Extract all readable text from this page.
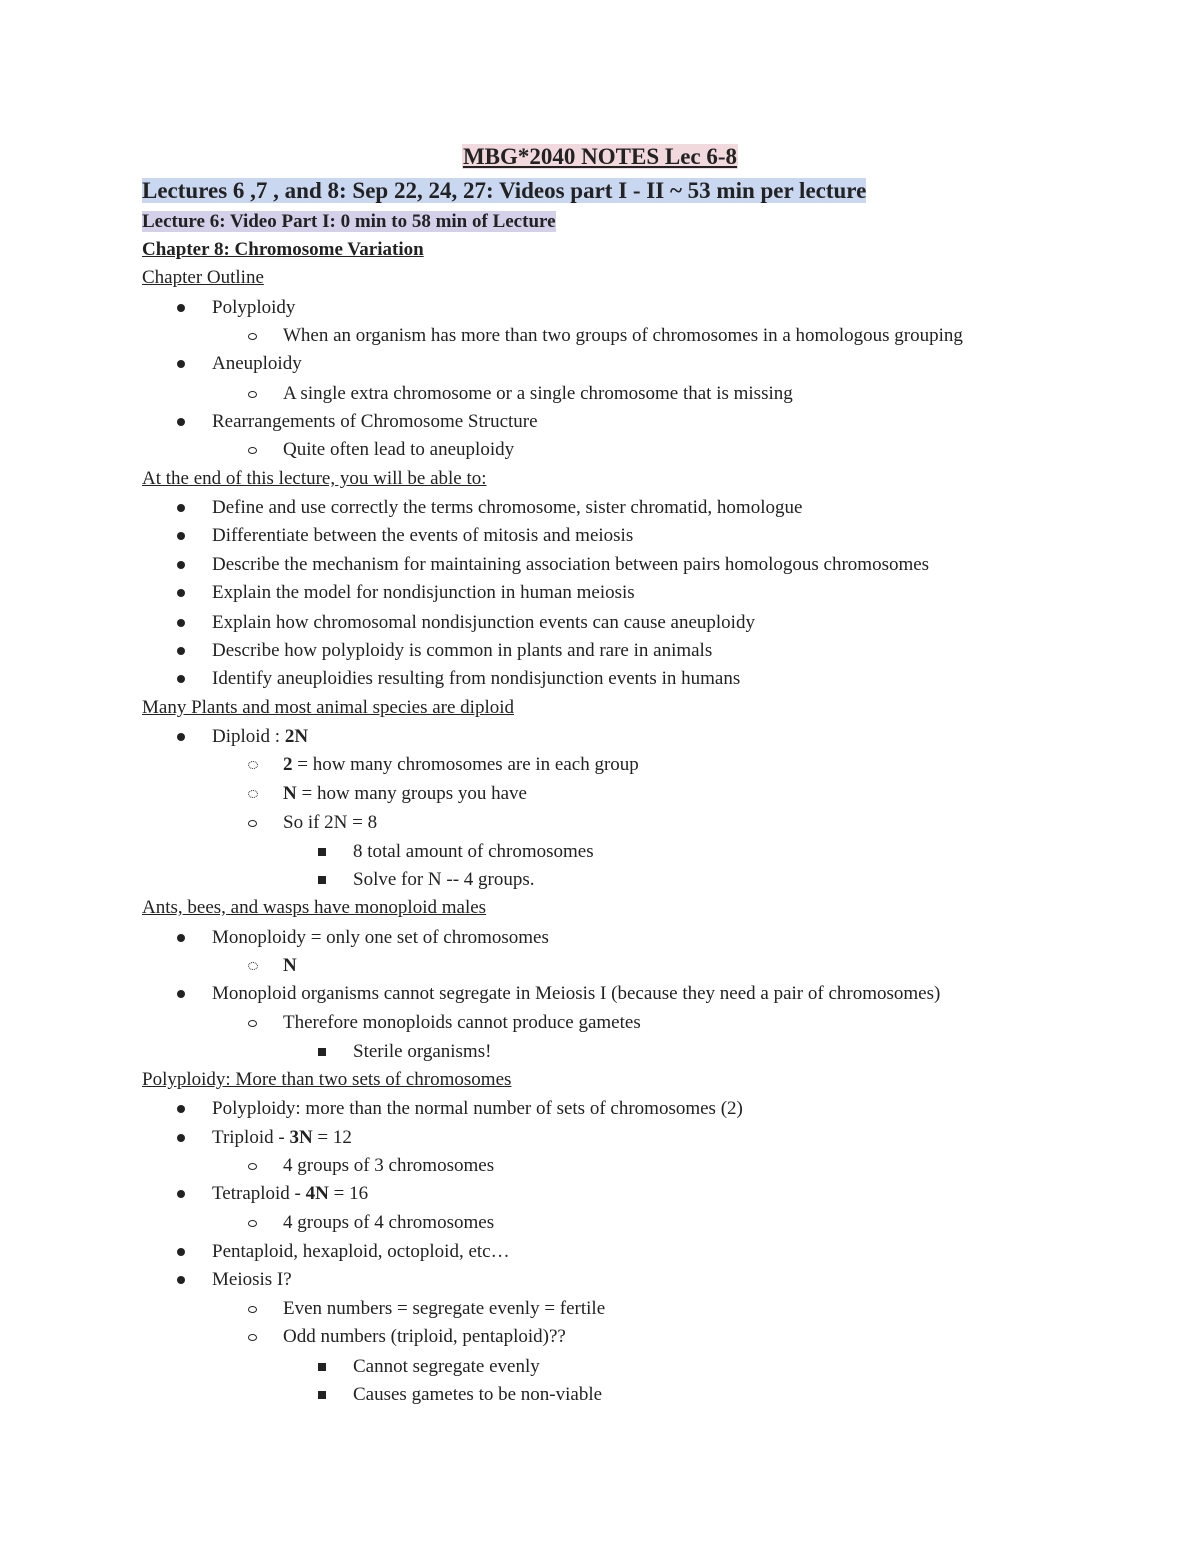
MBG*2040 NOTES Lec 6-8
Lectures 6 ,7 , and 8: Sep 22, 24, 27: Videos part I - II ~ 53 min per lecture
Lecture 6: Video Part I: 0 min to 58 min of Lecture
Chapter 8: Chromosome Variation
Chapter Outline
Polyploidy
When an organism has more than two groups of chromosomes in a homologous grouping
Aneuploidy
A single extra chromosome or a single chromosome that is missing
Rearrangements of Chromosome Structure
Quite often lead to aneuploidy
At the end of this lecture, you will be able to:
Define and use correctly the terms chromosome, sister chromatid, homologue
Differentiate between the events of mitosis and meiosis
Describe the mechanism for maintaining association between pairs homologous chromosomes
Explain the model for nondisjunction in human meiosis
Explain how chromosomal nondisjunction events can cause aneuploidy
Describe how polyploidy is common in plants and rare in animals
Identify aneuploidies resulting from nondisjunction events in humans
Many Plants and most animal species are diploid
Diploid : 2N
2 = how many chromosomes are in each group
N = how many groups you have
So if 2N = 8
8 total amount of chromosomes
Solve for N -- 4 groups.
Ants, bees, and wasps have monoploid males
Monoploidy = only one set of chromosomes
N
Monoploid organisms cannot segregate in Meiosis I (because they need a pair of chromosomes)
Therefore monoploids cannot produce gametes
Sterile organisms!
Polyploidy: More than two sets of chromosomes
Polyploidy: more than the normal number of sets of chromosomes (2)
Triploid - 3N = 12
4 groups of 3 chromosomes
Tetraploid - 4N = 16
4 groups of 4 chromosomes
Pentaploid, hexaploid, octoploid, etc…
Meiosis I?
Even numbers = segregate evenly = fertile
Odd numbers (triploid, pentaploid)??
Cannot segregate evenly
Causes gametes to be non-viable
